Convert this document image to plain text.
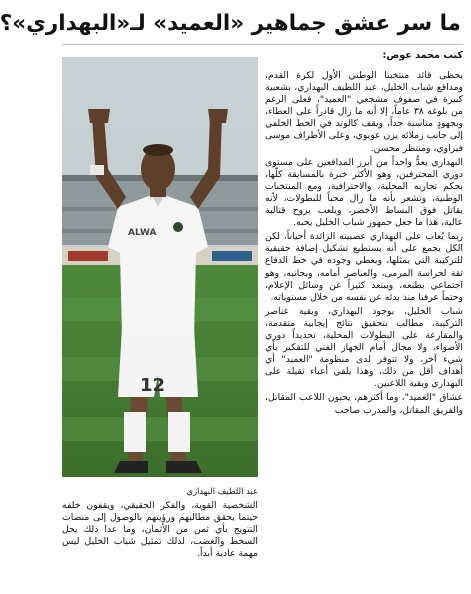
ما سر عشق جماهير «العميد» لـ«البهداري»؟
كتب محمد عوض:

يحظى قائد منتخبنا الوطني الأول لكرة القدم، ومدافع شباب الخليل، عبد اللطيف البهداري، بشعبية كبيرة في صفوف مشجعي "العميد"، فعلى الرغم من بلوغه ٣٨ عاماً، إلا أنه ما زال قادراً على العطاء، وبجهودٍ مناسبة جداً، ويقف كالوتد في الخط الخلفي إلى جانب زملائه يزن عويوي، وعلى الأطراف موسى فيراوي، ومنتظر محسن.

البهداري يعدُّ واحداً من أبرز المدافعين على مستوى دوري المحترفين، وهو الأكثر خبرة بالمسابقة كلّها، بحكم تجاربه المحلية، والاحترافية، ومع المنتخبات الوطنية، وتشعر بأنه ما زال محباً للبطولات، لأنه يقاتل فوق البساط الأخضر، ويلعب بروح قتالية عالية، هذا ما جعل جمهور شباب الخليل يحبه.

ربما يُعاب على البهداري عصبيته الزائدة أحياناً، لكن الكل يجمع على أنه يستطيع تشكيل إضافة حقيقية للتركيبة التي يمثلها، ويعطي وجوده في خط الدفاع ثقة لحراسة المرمى، والعناصر أمامه، وبجانبه، وهو اجتماعي بطبعه، ويبتعد كثيراً عن وسائل الإعلام، وحتماً عرفنا منذ بدئه عن نفسه من خلال مستوياته.

شباب الخليل، بوجود البهداري، وبقية عناصر التركيبة، مطالب بتحقيق نتائج إيجابية متقدمة، والمقارعة على البطولات المحلية، تحديداً دوري الأضواء، ولا مجال أمام الجهاز الفني للتفكير بأي شيء آخر، ولا تتوفر لدى منظومة "العميد" أي أهداف أقل من ذلك، وهذا يلقي أعباء ثقيلة على البهداري وبقية اللاعبين.

عشاق "العميد"، وما أكثرهم، يحبون اللاعب المقاتل، والفريق المقاتل، والمدرب صاحب

12
ALWA
عبد اللطيف البهداري

الشخصية القوية، والفكر الحقيقي، ويقفون خلفه حينما يحقق مطالبهم ورؤيتهم بالوصول إلى منصات التتويج بأي ثمن من الأثمان، وما عدا ذلك يحل السخط والغضب، لذلك تمثيل شباب الخليل ليس مهمة عادية أبداً.
